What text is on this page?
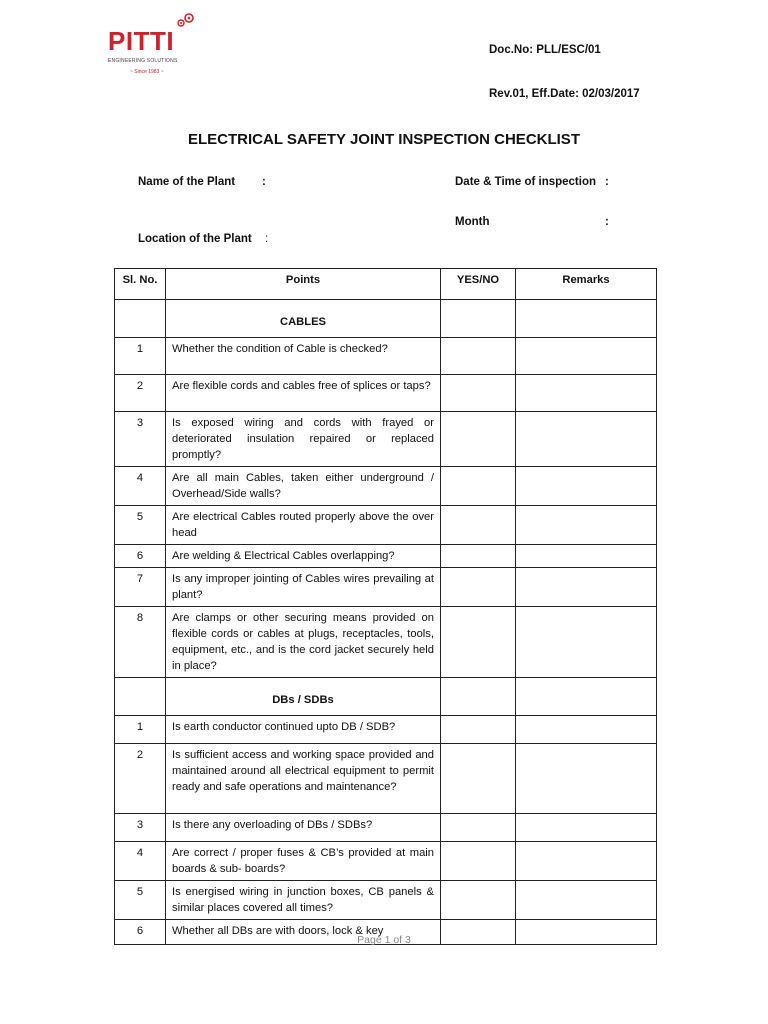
PITTI
ENGINEERING SOLUTIONS
~ Since 1983 ~
Doc.No: PLL/ESC/01
Rev.01, Eff.Date: 02/03/2017
ELECTRICAL SAFETY JOINT INSPECTION CHECKLIST
Name of the Plant :	Date & Time of inspection :
Month	:
Location of the Plant :
Sl. No.	Points	YES/NO	Remarks
	CABLES		
1	Whether the condition of Cable is checked?		
2	Are flexible cords and cables free of splices or taps?		
3	Is exposed wiring and cords with frayed or deteriorated insulation repaired or replaced promptly?		
4	Are all main Cables, taken either underground / Overhead/Side walls?		
5	Are electrical Cables routed properly above the over head		
6	Are welding & Electrical Cables overlapping?		
7	Is any improper jointing of Cables wires prevailing at plant?		
8	Are clamps or other securing means provided on flexible cords or cables at plugs, receptacles, tools, equipment, etc., and is the cord jacket securely held in place?		
	DBs / SDBs		
1	Is earth conductor continued upto DB / SDB?		
2	Is sufficient access and working space provided and maintained around all electrical equipment to permit ready and safe operations and maintenance?		
3	Is there any overloading of DBs / SDBs?		
4	Are correct / proper fuses & CB’s provided at main boards & sub- boards?		
5	Is energised wiring in junction boxes, CB panels & similar places covered all times?		
6	Whether all DBs are with doors, lock & key		
Page 1 of 3
